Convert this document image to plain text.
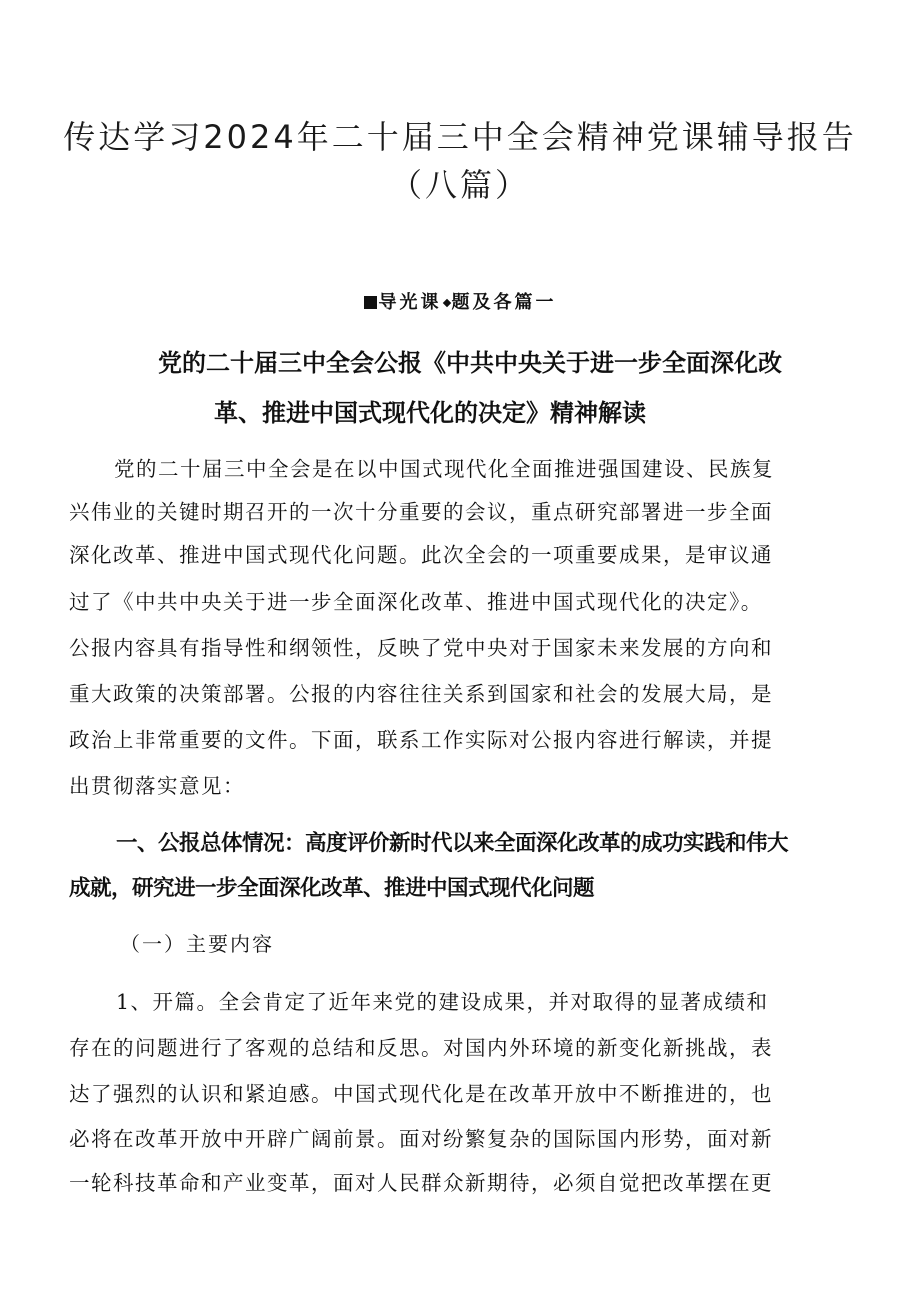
传达学习2024年二十届三中全会精神党课辅导报告
（八篇）
导光课 题及各篇一
党的二十届三中全会公报《中共中央关于进一步全面深化改
革、推进中国式现代化的决定》精神解读
党的二十届三中全会是在以中国式现代化全面推进强国建设、民族复
兴伟业的关键时期召开的一次十分重要的会议，重点研究部署进一步全面
深化改革、推进中国式现代化问题。此次全会的一项重要成果，是审议通
过了《中共中央关于进一步全面深化改革、推进中国式现代化的决定》。
公报内容具有指导性和纲领性，反映了党中央对于国家未来发展的方向和
重大政策的决策部署。公报的内容往往关系到国家和社会的发展大局，是
政治上非常重要的文件。下面，联系工作实际对公报内容进行解读，并提
出贯彻落实意见：
一、公报总体情况：高度评价新时代以来全面深化改革的成功实践和伟大
成就，研究进一步全面深化改革、推进中国式现代化问题
（一）主要内容
1、开篇。全会肯定了近年来党的建设成果，并对取得的显著成绩和
存在的问题进行了客观的总结和反思。对国内外环境的新变化新挑战，表
达了强烈的认识和紧迫感。中国式现代化是在改革开放中不断推进的，也
必将在改革开放中开辟广阔前景。面对纷繁复杂的国际国内形势，面对新
一轮科技革命和产业变革，面对人民群众新期待，必须自觉把改革摆在更
